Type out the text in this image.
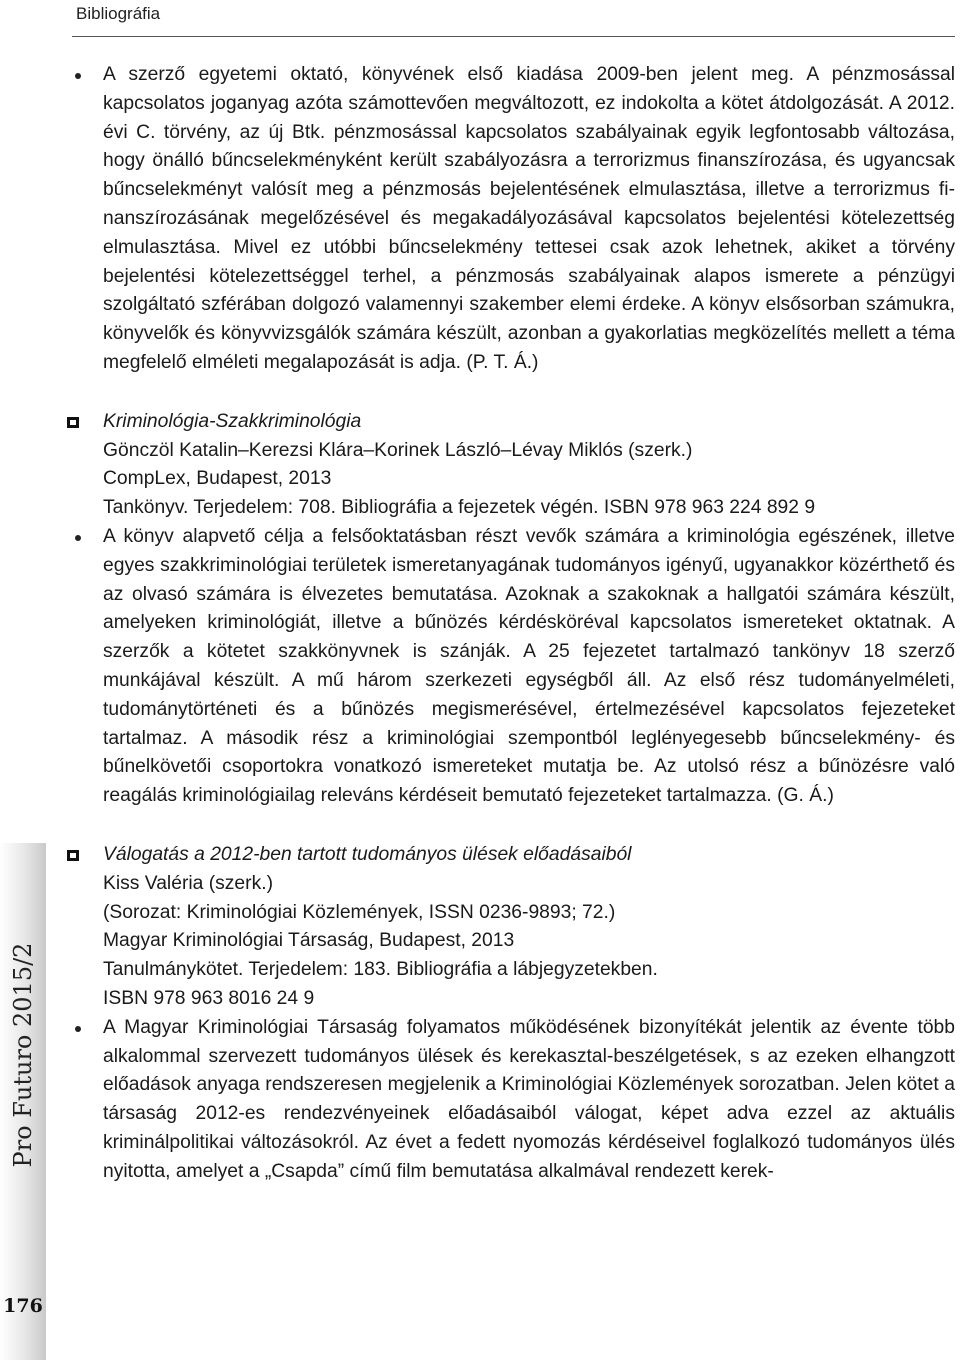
Bibliográfia
Pro Futuro 2015/2
176
A szerző egyetemi oktató, könyvének első kiadása 2009-ben jelent meg. A pénzmosással kapcsolatos joganyag azóta számottevően megváltozott, ez indokolta a kötet átdolgozását. A 2012. évi C. törvény, az új Btk. pénzmosással kapcsolatos szabályainak egyik legfontosabb változása, hogy önálló bűncselekményként került szabályozásra a terrorizmus finanszírozása, és ugyancsak bűncselekményt valósít meg a pénzmosás bejelentésének elmulasztása, illetve a terrorizmus finanszírozásának megelőzésével és megakadályozásával kapcsolatos bejelentési kötelezettség elmulasztása. Mivel ez utóbbi bűncselekmény tettesei csak azok lehetnek, akiket a törvény bejelentési kötelezettséggel terhel, a pénzmosás szabályainak alapos ismerete a pénzügyi szolgáltató szférában dolgozó valamennyi szakember elemi érdeke. A könyv elsősorban számukra, könyvelők és könyvvizsgálók számára készült, azonban a gyakorlatias megközelítés mellett a téma megfelelő elméleti megalapozását is adja. (P. T. Á.)
Kriminológia-Szakkriminológia
Gönczöl Katalin–Kerezsi Klára–Korinek László–Lévay Miklós (szerk.)
CompLex, Budapest, 2013
Tankönyv. Terjedelem: 708. Bibliográfia a fejezetek végén. ISBN 978 963 224 892 9
A könyv alapvető célja a felsőoktatásban részt vevők számára a kriminológia egészének, illetve egyes szakkriminológiai területek ismeretanyagának tudományos igényű, ugyanakkor közérthető és az olvasó számára is élvezetes bemutatása. Azoknak a szakoknak a hallgatói számára készült, amelyeken kriminológiát, illetve a bűnözés kérdésköréval kapcsolatos ismereteket oktatnak. A szerzők a kötetet szakkönyvnek is szánják. A 25 fejezetet tartalmazó tankönyv 18 szerző munkájával készült. A mű három szerkezeti egységből áll. Az első rész tudományelméleti, tudománytörténeti és a bűnözés megismerésével, értelmezésével kapcsolatos fejezeteket tartalmaz. A második rész a kriminológiai szempontból leglényegesebb bűncselekmény- és bűnelkövetői csoportokra vonatkozó ismereteket mutatja be. Az utolsó rész a bűnözésre való reagálás kriminológiailag releváns kérdéseit bemutató fejezeteket tartalmazza. (G. Á.)
Válogatás a 2012-ben tartott tudományos ülések előadásaiból
Kiss Valéria (szerk.)
(Sorozat: Kriminológiai Közlemények, ISSN 0236-9893; 72.)
Magyar Kriminológiai Társaság, Budapest, 2013
Tanulmánykötet. Terjedelem: 183. Bibliográfia a lábjegyzetekben.
ISBN 978 963 8016 24 9
A Magyar Kriminológiai Társaság folyamatos működésének bizonyítékát jelentik az évente több alkalommal szervezett tudományos ülések és kerekasztal-beszélgetések, s az ezeken elhangzott előadások anyaga rendszeresen megjelenik a Kriminológiai Közlemények sorozatban. Jelen kötet a társaság 2012-es rendezvényeinek előadásaiból válogat, képet adva ezzel az aktuális kriminálpolitikai változásokról. Az évet a fedett nyomozás kérdéseivel foglalkozó tudományos ülés nyitotta, amelyet a „Csapda” című film bemutatása alkalmával rendezett kerek-
